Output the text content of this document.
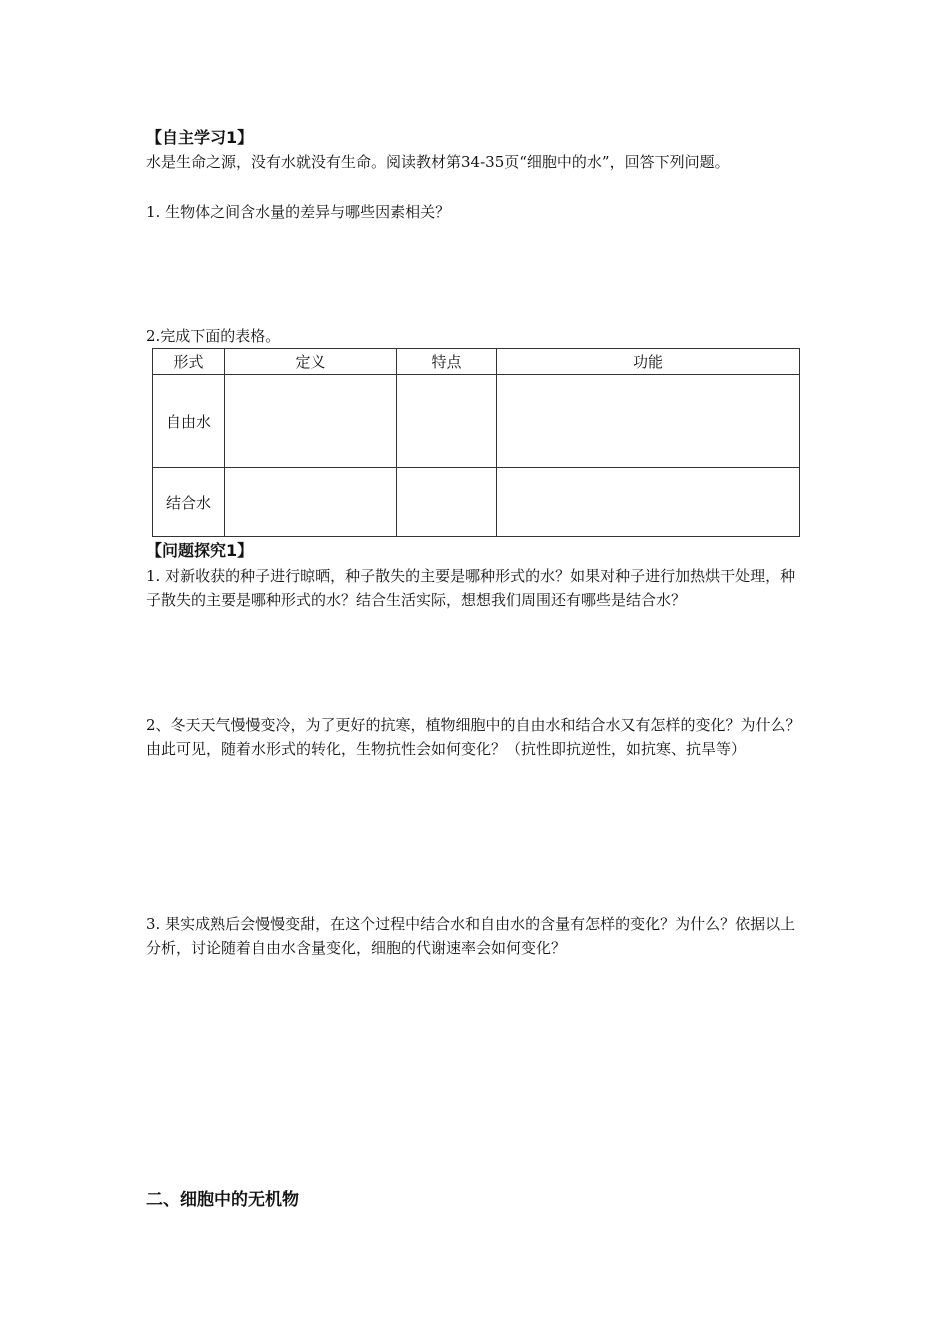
【自主学习1】
水是生命之源，没有水就没有生命。阅读教材第34-35页“细胞中的水”，回答下列问题。
1. 生物体之间含水量的差异与哪些因素相关？
2.完成下面的表格。
形式	定义	特点	功能
自由水			
结合水			
【问题探究1】

1. 对新收获的种子进行晾晒，种子散失的主要是哪种形式的水？如果对种子进行加热烘干处理，种子散失的主要是哪种形式的水？结合生活实际，想想我们周围还有哪些是结合水？

2、冬天天气慢慢变冷，为了更好的抗寒，植物细胞中的自由水和结合水又有怎样的变化？为什么？由此可见，随着水形式的转化，生物抗性会如何变化？（抗性即抗逆性，如抗寒、抗旱等）

3. 果实成熟后会慢慢变甜，在这个过程中结合水和自由水的含量有怎样的变化？为什么？依据以上分析，讨论随着自由水含量变化，细胞的代谢速率会如何变化？

二、细胞中的无机物
